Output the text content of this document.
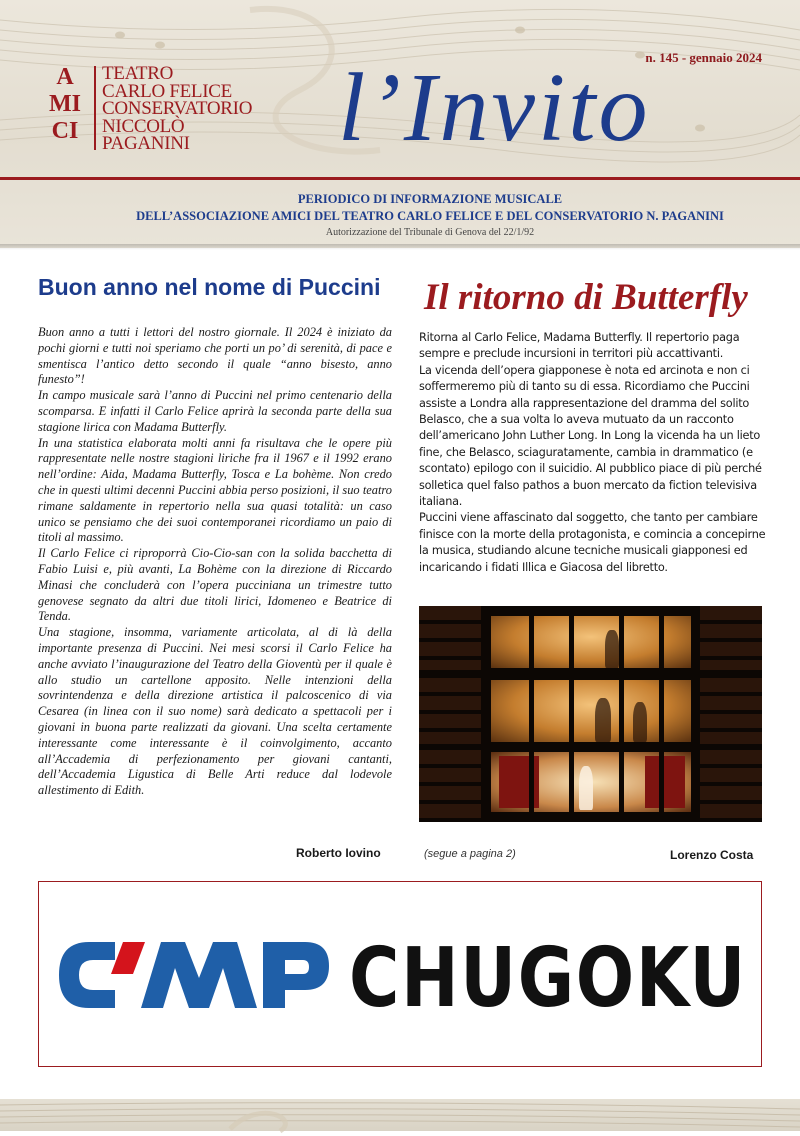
n. 145 - gennaio 2024
A
MI
CI
TEATRO
CARLO FELICE
CONSERVATORIO
NICCOLÒ
PAGANINI	l’Invito
PERIODICO DI INFORMAZIONE MUSICALE
DELL’ASSOCIAZIONE AMICI DEL TEATRO CARLO FELICE E DEL CONSERVATORIO N. PAGANINI
Autorizzazione del Tribunale di Genova del 22/1/92
Buon anno nel nome di Puccini

Buon anno a tutti i lettori del nostro giornale. Il 2024 è iniziato da pochi giorni e tutti noi speriamo che porti un po’ di serenità, di pace e smentisca l’antico detto secondo il quale “anno bisesto, anno funesto”!

In campo musicale sarà l’anno di Puccini nel primo centenario della scomparsa. E infatti il Carlo Felice aprirà la seconda parte della sua stagione lirica con Madama Butterfly.

In una statistica elaborata molti anni fa risultava che le opere più rappresentate nelle nostre stagioni liriche fra il 1967 e il 1992 erano nell’ordine: Aida, Madama Butterfly, Tosca e La bohème. Non credo che in questi ultimi decenni Puccini abbia perso posizioni, il suo teatro rimane saldamente in repertorio nella sua quasi totalità: un caso unico se pensiamo che dei suoi contemporanei ricordiamo un paio di titoli al massimo.

Il Carlo Felice ci riproporrà Cio-Cio-san con la solida bacchetta di Fabio Luisi e, più avanti, La Bohème con la direzione di Riccardo Minasi che concluderà con l’opera pucciniana un trimestre tutto genovese segnato da altri due titoli lirici, Idomeneo e Beatrice di Tenda.

Una stagione, insomma, variamente articolata, al di là della importante presenza di Puccini. Nei mesi scorsi il Carlo Felice ha anche avviato l’inaugurazione del Teatro della Gioventù per il quale è allo studio un cartellone apposito. Nelle intenzioni della sovrintendenza e della direzione artistica il palcoscenico di via Cesarea (in linea con il suo nome) sarà dedicato a spettacoli per i giovani in buona parte realizzati da giovani. Una scelta certamente interessante come interessante è il coinvolgimento, accanto all’Accademia di perfezionamento per giovani cantanti, dell’Accademia Ligustica di Belle Arti reduce dal lodevole allestimento di Edith.

Roberto Iovino
Il ritorno di Butterfly

Ritorna al Carlo Felice, Madama Butterfly. Il repertorio paga sempre e preclude incursioni in territori più accattivanti.

La vicenda dell’opera giapponese è nota ed arcinota e non ci soffermeremo più di tanto su di essa. Ricordiamo che Puccini assiste a Londra alla rappresentazione del dramma del solito Belasco, che a sua volta lo aveva mutuato da un racconto dell’americano John Luther Long. In Long la vicenda ha un lieto fine, che Belasco, sciaguratamente, cambia in drammatico (e scontato) epilogo con il suicidio. Al pubblico piace di più perché solletica quel falso pathos a buon mercato da fiction televisiva italiana.

Puccini viene affascinato dal soggetto, che tanto per cambiare finisce con la morte della protagonista, e comincia a concepirne la musica, studiando alcune tecniche musicali giapponesi ed incaricando i fidati Illica e Giacosa del libretto.

(segue a pagina 2)	Lorenzo Costa
CHUGOKU
